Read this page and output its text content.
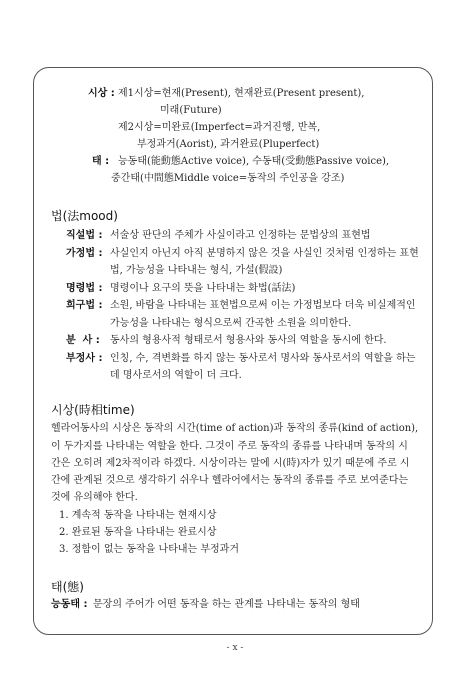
시상 : 제1시상=현재(Present), 현재완료(Present present),
미래(Future)
제2시상=미완료(Imperfect=과거진행, 반복,
부정과거(Aorist), 과거완료(Pluperfect)
태 : 능동태(能動態Active voice), 수동태(受動態Passive voice),
중간태(中間態Middle voice=동작의 주인공을 강조)
법(法mood)
직설법 : 서술상 판단의 주체가 사실이라고 인정하는 문법상의 표현법
가정법 : 사실인지 아닌지 아직 분명하지 않은 것을 사실인 것처럼 인정하는 표현
법, 가능성을 나타내는 형식, 가설(假設)
명령법 : 명령이나 요구의 뜻을 나타내는 화법(話法)
희구법 : 소원, 바람을 나타내는 표현법으로써 이는 가정법보다 더욱 비실제적인
가능성을 나타내는 형식으로써 간곡한 소원을 의미한다.
분  사 : 동사의 형용사적 형태로서 형용사와 동사의 역할을 동시에 한다.
부정사 : 인칭, 수, 격변화를 하지 않는 동사로서 명사와 동사로서의 역할을 하는
데 명사로서의 역할이 더 크다.
시상(時相time)
헬라어동사의 시상은 동작의 시간(time of action)과 동작의 종류(kind of action),
이 두가지를 나타내는 역할을 한다. 그것이 주로 동작의 종류를 나타내며 동작의 시
간은 오히려 제2차적이라 하겠다. 시상이라는 말에 시(時)자가 있기 때문에 주로 시
간에 관계된 것으로 생각하기 쉬우나 헬라어에서는 동작의 종류를 주로 보여준다는
것에 유의해야 한다.
1. 계속적 동작을 나타내는 현재시상
2. 완료된 동작을 나타내는 완료시상
3. 정함이 없는 동작을 나타내는 부정과거
태(態)
능동태 : 문장의 주어가 어떤 동작을 하는 관계를 나타내는 동작의 형태
- x -
